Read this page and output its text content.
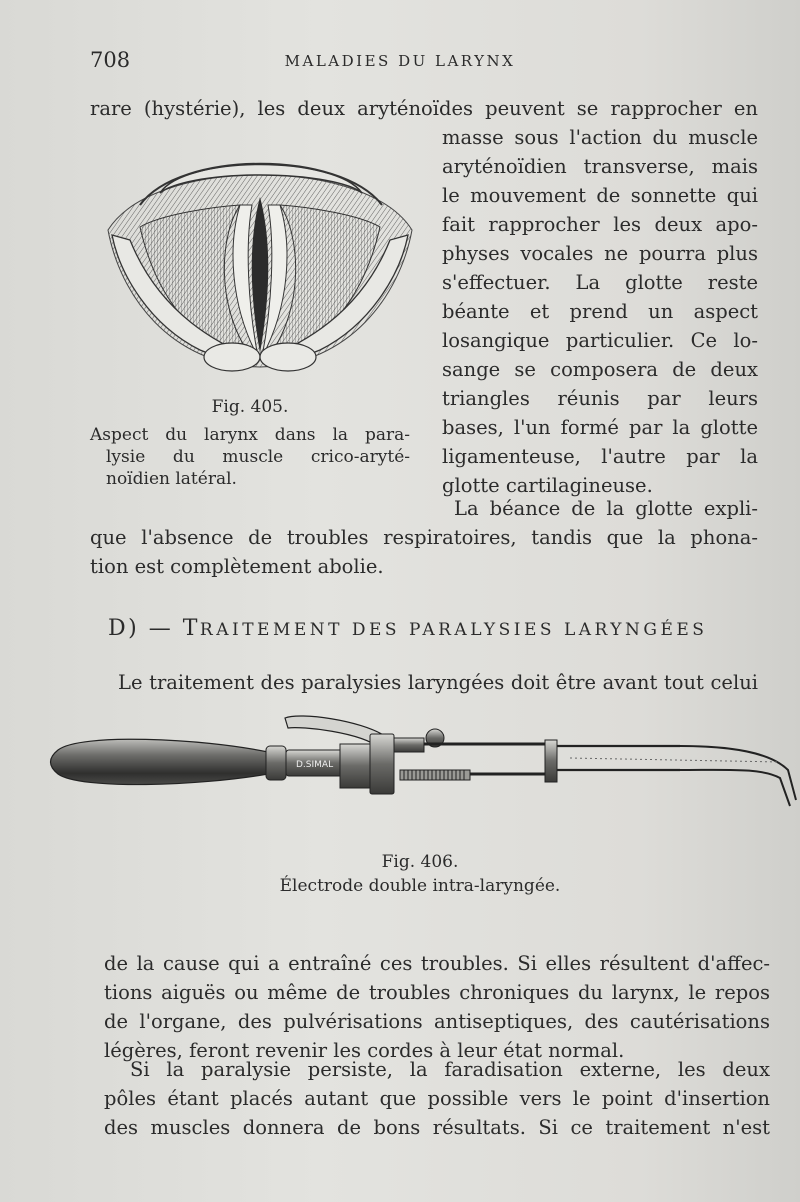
708	MALADIES DU LARYNX
rare (hystérie), les deux aryténoïdes peuvent se rapprocher en
masse sous l'action du muscle
aryténoïdien transverse, mais
le mouvement de sonnette qui
fait rapprocher les deux apo-
physes vocales ne pourra plus
s'effectuer. La glotte reste
béante et prend un aspect
losangique particulier. Ce lo-
sange se composera de deux
triangles réunis par leurs
bases, l'un formé par la glotte
ligamenteuse, l'autre par la
glotte cartilagineuse.
Fig. 405.
Aspect du larynx dans la para-
lysie du muscle crico-aryté-
noïdien latéral.
La béance de la glotte expli-
que l'absence de troubles respiratoires, tandis que la phona-
tion est complètement abolie.
D) — TRAITEMENT DES PARALYSIES LARYNGÉES
Le traitement des paralysies laryngées doit être avant tout celui
D.SIMAL
Fig. 406.
Électrode double intra-laryngée.
de la cause qui a entraîné ces troubles. Si elles résultent d'affec-
tions aiguës ou même de troubles chroniques du larynx, le repos
de l'organe, des pulvérisations antiseptiques, des cautérisations
légères, feront revenir les cordes à leur état normal.
Si la paralysie persiste, la faradisation externe, les deux
pôles étant placés autant que possible vers le point d'insertion
des muscles donnera de bons résultats. Si ce traitement n'est
